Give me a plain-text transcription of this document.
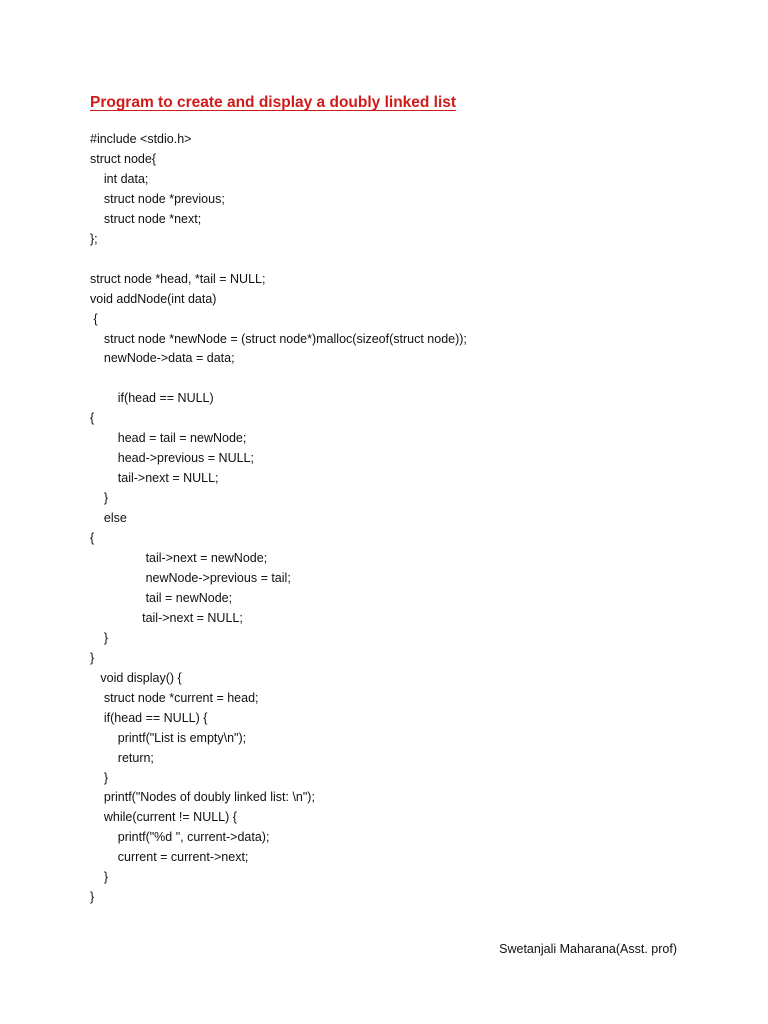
Program to create and display a doubly linked list
#include <stdio.h>
struct node{
int data;
struct node *previous;
struct node *next;
};
struct node *head, *tail = NULL;
void addNode(int data)
{
struct node *newNode = (struct node*)malloc(sizeof(struct node));
newNode->data = data;
if(head == NULL)
{
head = tail = newNode;
head->previous = NULL;
tail->next = NULL;
}
else
{
tail->next = newNode;
newNode->previous = tail;
tail = newNode;
tail->next = NULL;
}
}
void display() {
struct node *current = head;
if(head == NULL) {
printf("List is empty\n");
return;
}
printf("Nodes of doubly linked list: \n");
while(current != NULL) {
printf("%d ", current->data);
current = current->next;
}
}
Swetanjali Maharana(Asst. prof)
